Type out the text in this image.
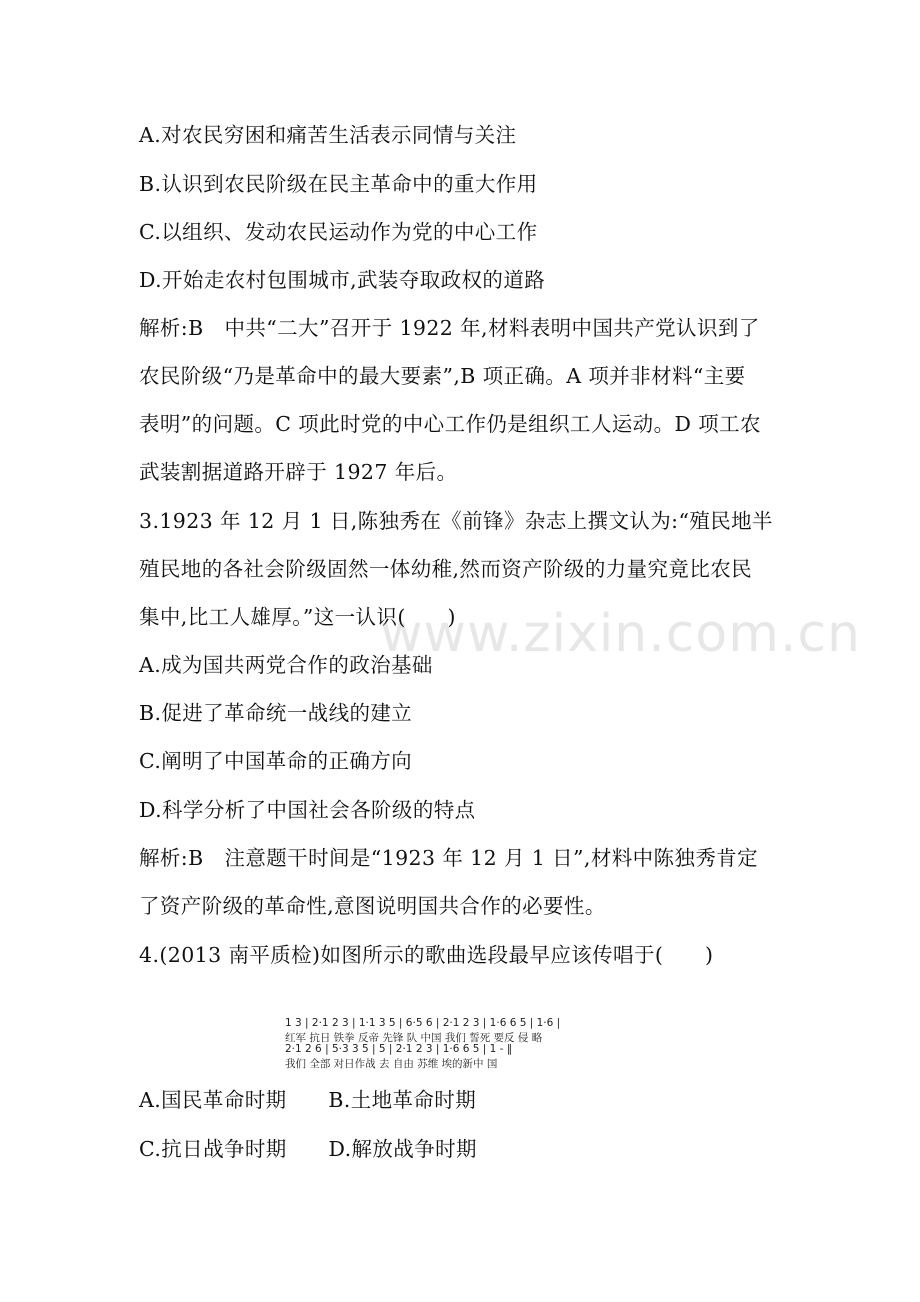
www.zixin.com.cn
A.对农民穷困和痛苦生活表示同情与关注
B.认识到农民阶级在民主革命中的重大作用
C.以组织、发动农民运动作为党的中心工作
D.开始走农村包围城市,武装夺取政权的道路
解析:B　中共“二大”召开于 1922 年,材料表明中国共产党认识到了
农民阶级“乃是革命中的最大要素”,B 项正确。A 项并非材料“主要
表明”的问题。C 项此时党的中心工作仍是组织工人运动。D 项工农
武装割据道路开辟于 1927 年后。
3.1923 年 12 月 1 日,陈独秀在《前锋》杂志上撰文认为:“殖民地半
殖民地的各社会阶级固然一体幼稚,然而资产阶级的力量究竟比农民
集中,比工人雄厚。”这一认识(　　)
A.成为国共两党合作的政治基础
B.促进了革命统一战线的建立
C.阐明了中国革命的正确方向
D.科学分析了中国社会各阶级的特点
解析:B　注意题干时间是“1923 年 12 月 1 日”,材料中陈独秀肯定
了资产阶级的革命性,意图说明国共合作的必要性。
4.(2013 南平质检)如图所示的歌曲选段最早应该传唱于(　　)
1 3 | 2·1 2 3 | 1·1 3 5 | 6·5 6 | 2·1 2 3 | 1·6 6 5 | 1·6 |
红军 抗日 铁拳 反帝 先锋 队 中国 我们 誓死 要反 侵 略
2·1 2 6 | 5·3 3 5 | 5 | 2·1 2 3 | 1·6 6 5 | 1 - ‖
我们 全部 对日作战 去 自由 苏维 埃的新中 国
A.国民革命时期　　B.土地革命时期
C.抗日战争时期　　D.解放战争时期
